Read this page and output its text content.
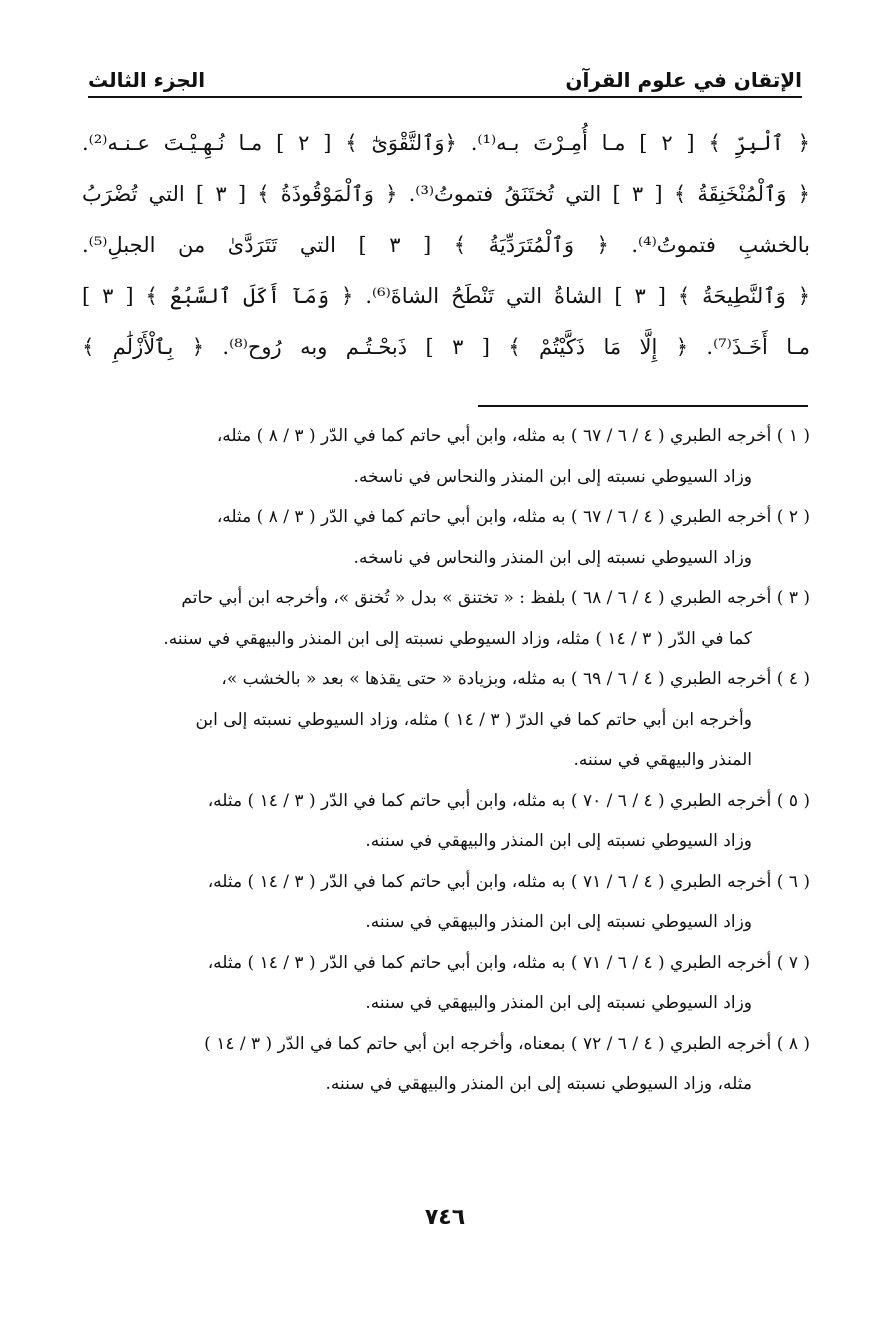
الإتقان في علوم القرآن
الجزء الثالث
﴿ ٱلْبِرِّ ﴾ [ ٢ ] مـا أُمِـرْتَ بـه⁽¹⁾. ﴿وَٱلتَّقْوَىٰٓ ﴾ [ ٢ ] مـا نُـهِـيْـتَ عـنـه⁽²⁾.
﴿ وَٱلْمُنْخَنِقَةُ ﴾ [ ٣ ] التي تُختَنَقُ فتموتُ⁽³⁾. ﴿ وَٱلْمَوْقُوذَةُ ﴾ [ ٣ ] التي تُضْرَبُ
بالخشبِ فتموتُ⁽⁴⁾. ﴿ وَٱلْمُتَرَدِّيَةُ ﴾ [ ٣ ] التي تَتَرَدَّىٰ من الجبلِ⁽⁵⁾.
﴿ وَٱلنَّطِيحَةُ ﴾ [ ٣ ] الشاةُ التي تَنْطَحُ الشاةَ⁽⁶⁾. ﴿ وَمَآ أَكَلَ ٱلسَّبُعُ ﴾ [ ٣ ]
مـا أَخَـذَ⁽⁷⁾. ﴿ إِلَّا مَا ذَكَّيْتُمْ ﴾ [ ٣ ] ذَبحْـتُـم وبه رُوح⁽⁸⁾. ﴿ بِٱلْأَزْلَٰمِ ﴾
( ١ ) أخرجه الطبري ( ٤ / ٦ / ٦٧ ) به مثله، وابن أبي حاتم كما في الدّر ( ٣ / ٨ ) مثله،
وزاد السيوطي نسبته إلى ابن المنذر والنحاس في ناسخه.
( ٢ ) أخرجه الطبري ( ٤ / ٦ / ٦٧ ) به مثله، وابن أبي حاتم كما في الدّر ( ٣ / ٨ ) مثله،
وزاد السيوطي نسبته إلى ابن المنذر والنحاس في ناسخه.
( ٣ ) أخرجه الطبري ( ٤ / ٦ / ٦٨ ) بلفظ : « تختنق » بدل « تُخنق »، وأخرجه ابن أبي حاتم
كما في الدّر ( ٣ / ١٤ ) مثله، وزاد السيوطي نسبته إلى ابن المنذر والبيهقي في سننه.
( ٤ ) أخرجه الطبري ( ٤ / ٦ / ٦٩ ) به مثله، وبزيادة « حتى يقذها » بعد « بالخشب »،
وأخرجه ابن أبي حاتم كما في الدرّ ( ٣ / ١٤ ) مثله، وزاد السيوطي نسبته إلى ابن
المنذر والبيهقي في سننه.
( ٥ ) أخرجه الطبري ( ٤ / ٦ / ٧٠ ) به مثله، وابن أبي حاتم كما في الدّر ( ٣ / ١٤ ) مثله،
وزاد السيوطي نسبته إلى ابن المنذر والبيهقي في سننه.
( ٦ ) أخرجه الطبري ( ٤ / ٦ / ٧١ ) به مثله، وابن أبي حاتم كما في الدّر ( ٣ / ١٤ ) مثله،
وزاد السيوطي نسبته إلى ابن المنذر والبيهقي في سننه.
( ٧ ) أخرجه الطبري ( ٤ / ٦ / ٧١ ) به مثله، وابن أبي حاتم كما في الدّر ( ٣ / ١٤ ) مثله،
وزاد السيوطي نسبته إلى ابن المنذر والبيهقي في سننه.
( ٨ ) أخرجه الطبري ( ٤ / ٦ / ٧٢ ) بمعناه، وأخرجه ابن أبي حاتم كما في الدّر ( ٣ / ١٤ )
مثله، وزاد السيوطي نسبته إلى ابن المنذر والبيهقي في سننه.
٧٤٦
